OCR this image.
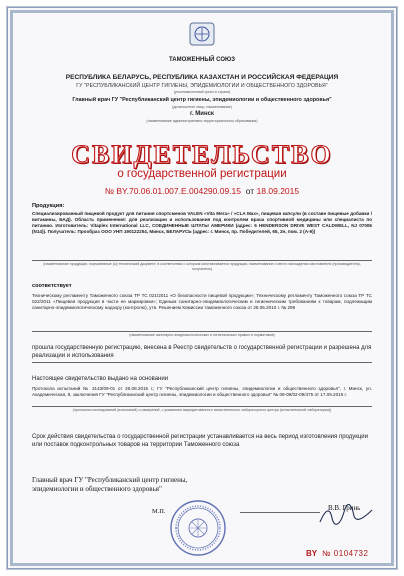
ТАМОЖЕННЫЙ СОЮЗ
РЕСПУБЛИКА БЕЛАРУСЬ, РЕСПУБЛИКА КАЗАХСТАН И РОССИЙСКАЯ ФЕДЕРАЦИЯ
ГУ "РЕСПУБЛИКАНСКИЙ ЦЕНТР ГИГИЕНЫ, ЭПИДЕМИОЛОГИИ И ОБЩЕСТВЕННОГО ЗДОРОВЬЯ"
(уполномоченный орган и страна)
Главный врач ГУ "Республиканский центр гигиены, эпидемиологии и общественного здоровья"
(должностное лицо, наименование)
г. Минск
(наименование административно-территориального образования)
СВИДЕТЕЛЬСТВО
о государственной регистрации
№ BY.70.06.01.007.E.004290.09.15 от 18.09.2015
Продукция:
Специализированный пищевой продукт для питания спортсменов VALEN «Vita Мега» / «CLA Max», пищевая капсули (в составе пищевые добавки / витамины, БАД). Область применения: для реализации и использования под контролем врача спортивной медицины или специалиста по питанию. Изготовитель: Vitaplex International LLC, СОЕДИНЕННЫЕ ШТАТЫ АМЕРИКИ (адрес: 6 HENDERSON DRIVE WEST CALDWELL, NJ 07006 (N14)). Получатель: Прообраз ООО УНП 190122254, Минск, БЕЛАРУСЬ (адрес: г. Минск, пр. Победителей, 65, 2н, пом. 2 (А-9))
(наименование продукции, нормативные (ы) технический документ, в соответствии с которым изготавливается продукция, наименование и место нахождения изготовителя (производителя), получатель)
соответствует
Техническому регламенту Таможенного союза ТР ТС 021/2011 «О безопасности пищевой продукции»; Техническому регламенту Таможенного союза ТР ТС 022/2011 «Пищевая продукция в части ее маркировки»; Единым санитарно-эпидемиологическим и гигиеническим требованиям к товарам, подлежащим санитарно-эпидемиологическому надзору (контролю), утв. Решением Комиссии таможенного союза от 28.05.2010 г. № 299
(наименование санитарно-эпидемиологических и гигиенических правил и нормативов)
прошла государственную регистрацию, внесена в Реестр свидетельств о государственной регистрации и разрешена для реализации и использования
Настоящее свидетельство выдано на основании
Протокола испытаний № 3143/09-01 от 26.08.2015 г.; ГУ "Республиканский центр гигиены, эпидемиологии и общественного здоровья", г. Минск, ул. Академическая, 8, заключения ГУ "Республиканский центр гигиены, эпидемиологии и общественного здоровья" № 08-09/02-09/475 от 17.09.2015 г.
(протоколы исследований (испытаний) и измерений, с указанием аккредитованного испытательного лабораторного центра (испытательной лаборатории))
Срок действия свидетельства о государственной регистрации устанавливается на весь период изготовления продукции или поставок подконтрольных товаров на территории Таможенного союза
Главный врач ГУ "Республиканский центр гигиены, эпидемиологии и общественного здоровья"
В.В. Гринь
М.П.
BY № 0104732
